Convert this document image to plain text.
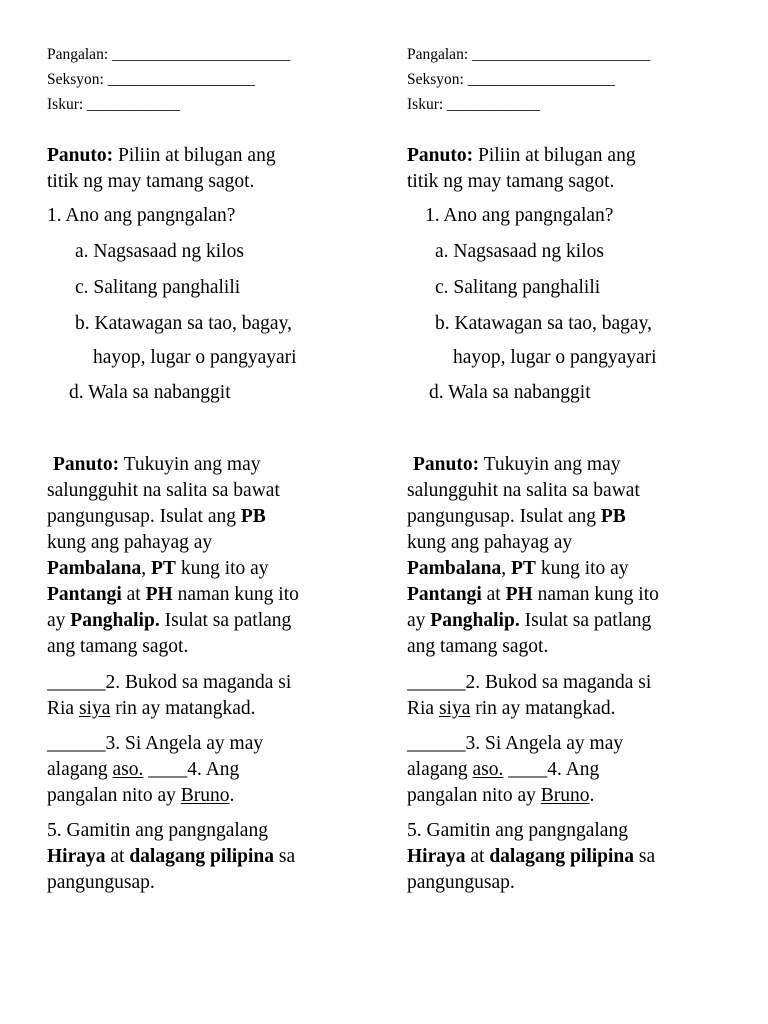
Pangalan: _______________________
Seksyon: ___________________
Iskur: ____________
Panuto: Piliin at bilugan ang
titik ng may tamang sagot.
1. Ano ang pangngalan?
a. Nagsasaad ng kilos
c. Salitang panghalili
b. Katawagan sa tao, bagay,
hayop, lugar o pangyayari
d. Wala sa nabanggit
Panuto: Tukuyin ang may
salungguhit na salita sa bawat
pangungusap. Isulat ang PB
kung ang pahayag ay
Pambalana, PT kung ito ay
Pantangi at PH naman kung ito
ay Panghalip. Isulat sa patlang
ang tamang sagot.
______2. Bukod sa maganda si
Ria siya rin ay matangkad.
______3. Si Angela ay may
alagang aso. ____4. Ang
pangalan nito ay Bruno.
5. Gamitin ang pangngalang
Hiraya at dalagang pilipina sa
pangungusap.
Pangalan: _______________________
Seksyon: ___________________
Iskur: ____________
Panuto: Piliin at bilugan ang
titik ng may tamang sagot.
1. Ano ang pangngalan?
a. Nagsasaad ng kilos
c. Salitang panghalili
b. Katawagan sa tao, bagay,
hayop, lugar o pangyayari
d. Wala sa nabanggit
Panuto: Tukuyin ang may
salungguhit na salita sa bawat
pangungusap. Isulat ang PB
kung ang pahayag ay
Pambalana, PT kung ito ay
Pantangi at PH naman kung ito
ay Panghalip. Isulat sa patlang
ang tamang sagot.
______2. Bukod sa maganda si
Ria siya rin ay matangkad.
______3. Si Angela ay may
alagang aso. ____4. Ang
pangalan nito ay Bruno.
5. Gamitin ang pangngalang
Hiraya at dalagang pilipina sa
pangungusap.
